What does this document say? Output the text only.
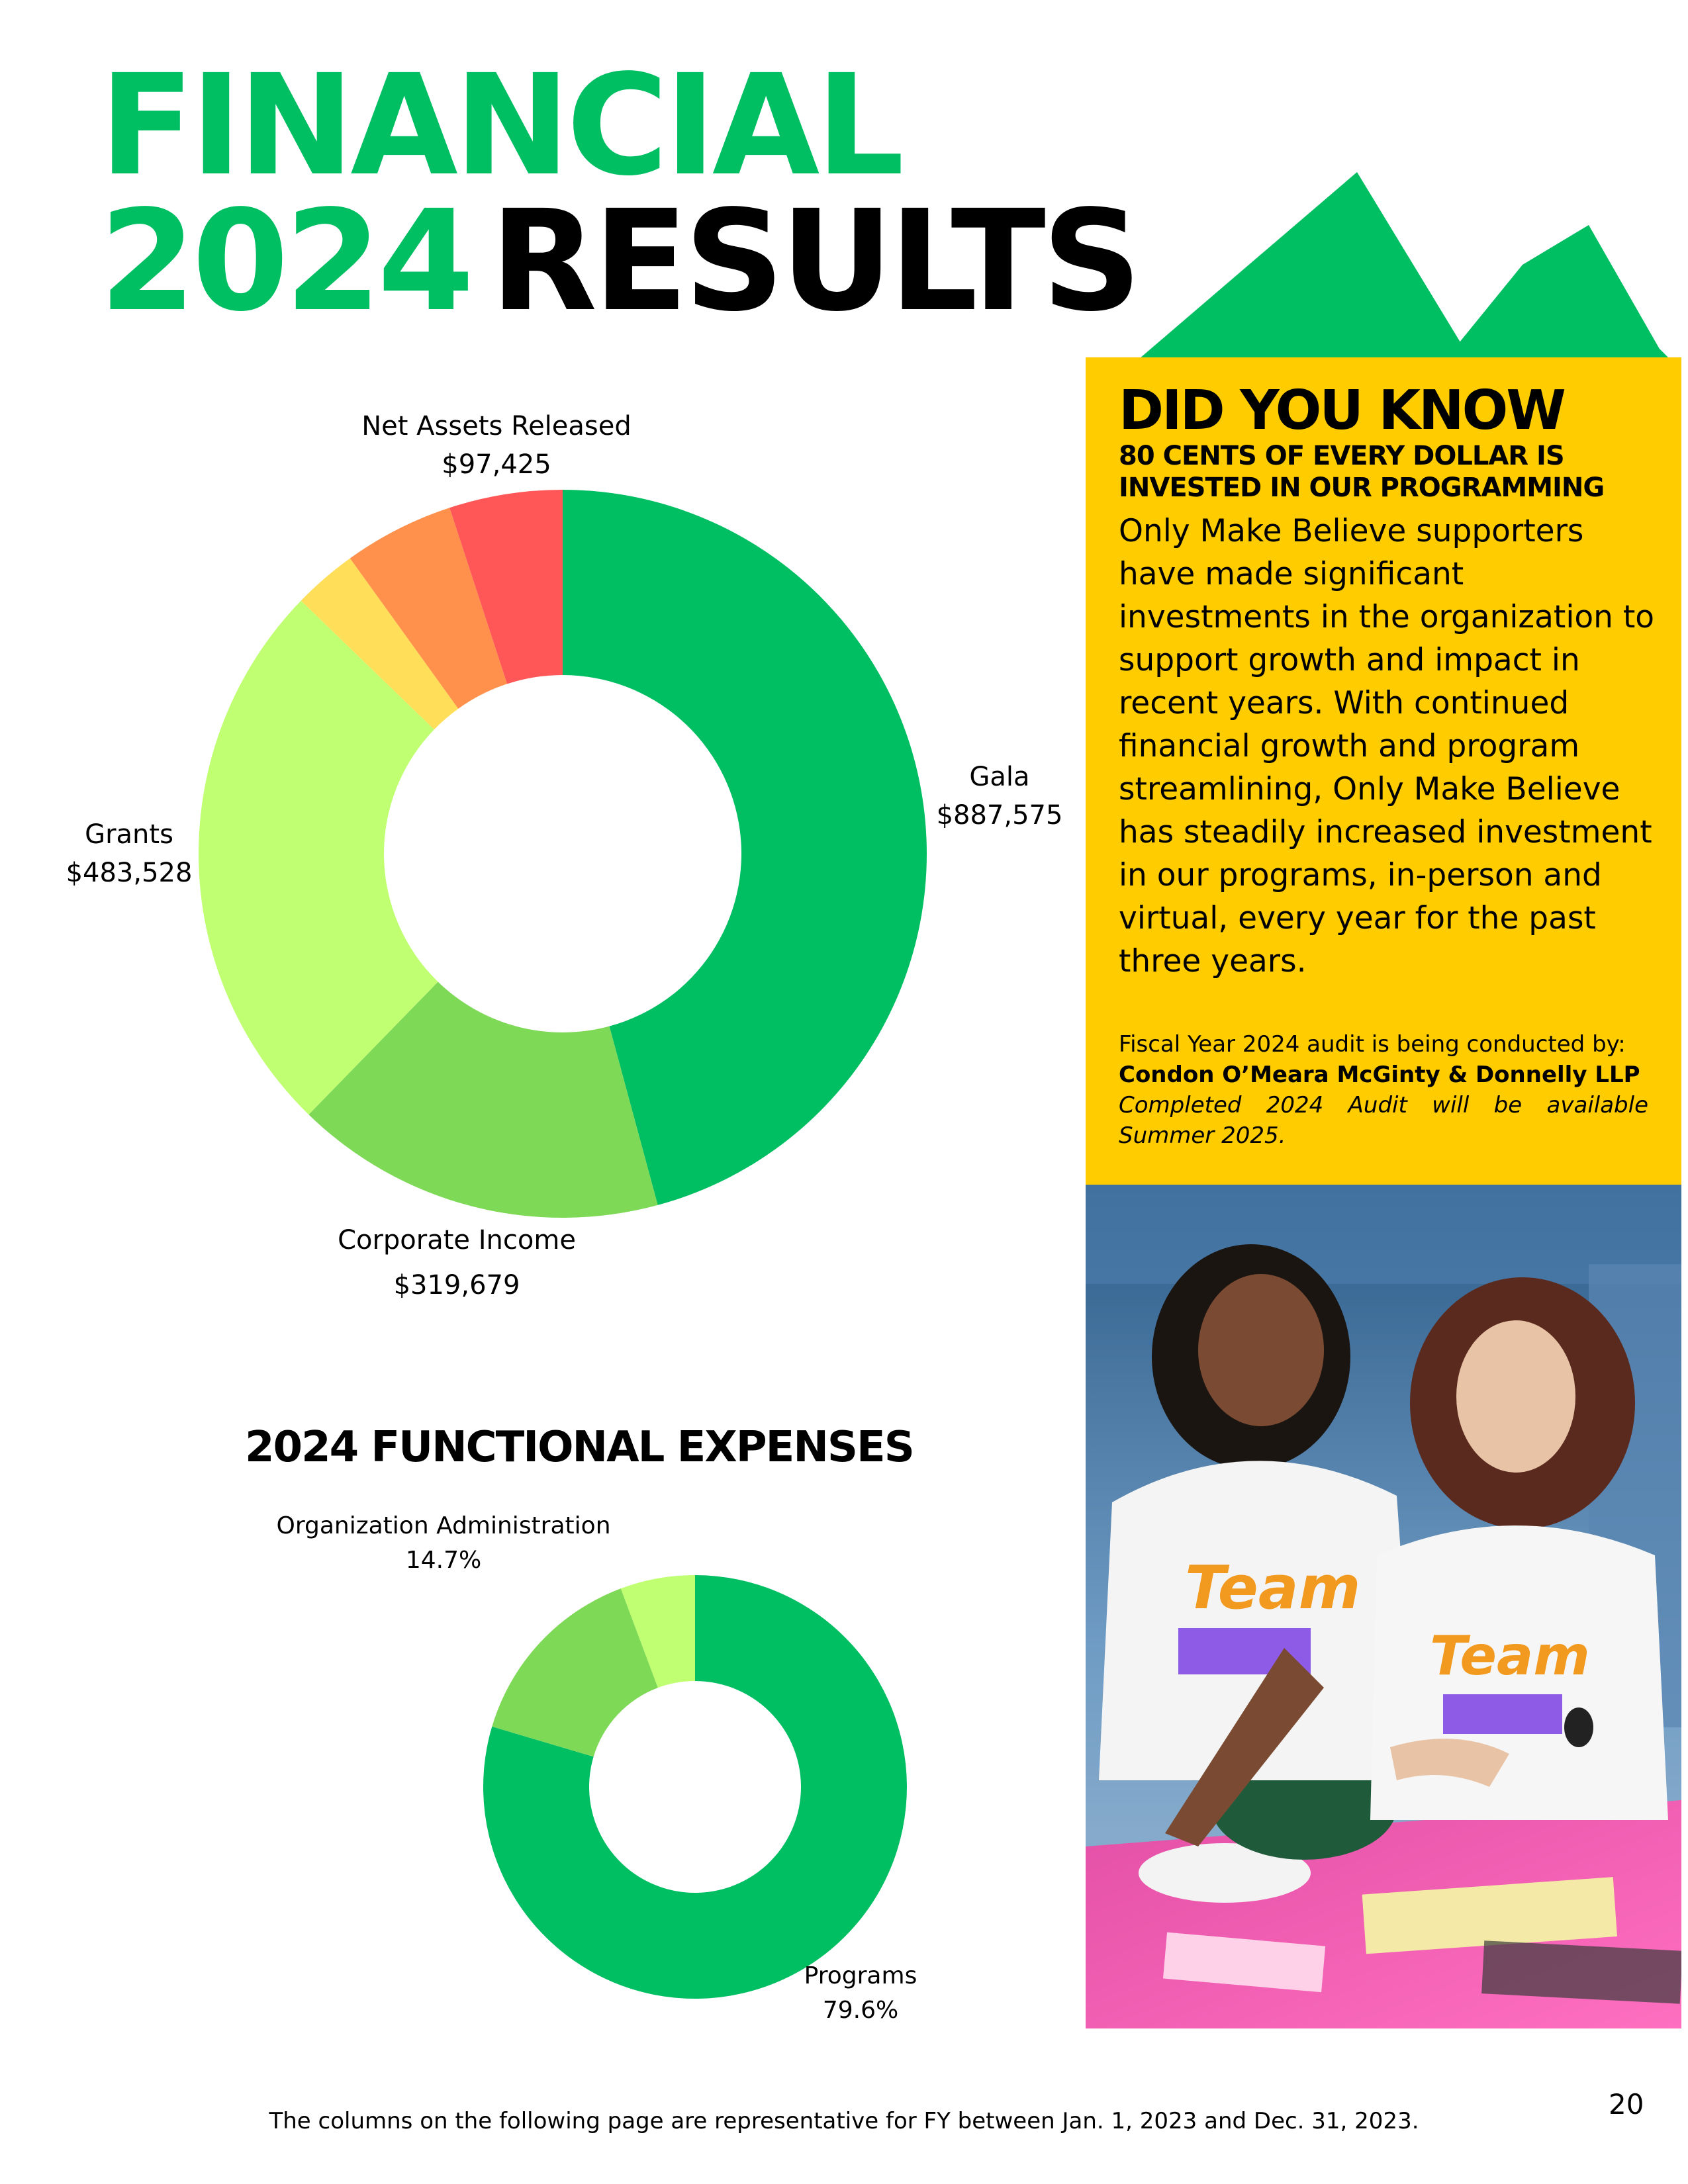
FINANCIAL
2024 RESULTS
Net Assets Released
$97,425
Gala
$887,575
Grants
$483,528
Corporate Income
$319,679
2024 FUNCTIONAL EXPENSES
Organization Administration
14.7%
Programs
79.6%
DID YOU KNOW
80 CENTS OF EVERY DOLLAR IS INVESTED IN OUR PROGRAMMING
Only Make Believe supporters have made significant investments in the organization to support growth and impact in recent years. With continued financial growth and program streamlining, Only Make Believe has steadily increased investment in our programs, in-person and virtual, every year for the past three years.
Fiscal Year 2024 audit is being conducted by:
Condon O’Meara McGinty & Donnelly LLP
Completed 2024 Audit will be available Summer 2025.
Team
Team
The columns on the following page are representative for FY between Jan. 1, 2023 and Dec. 31, 2023.
20
